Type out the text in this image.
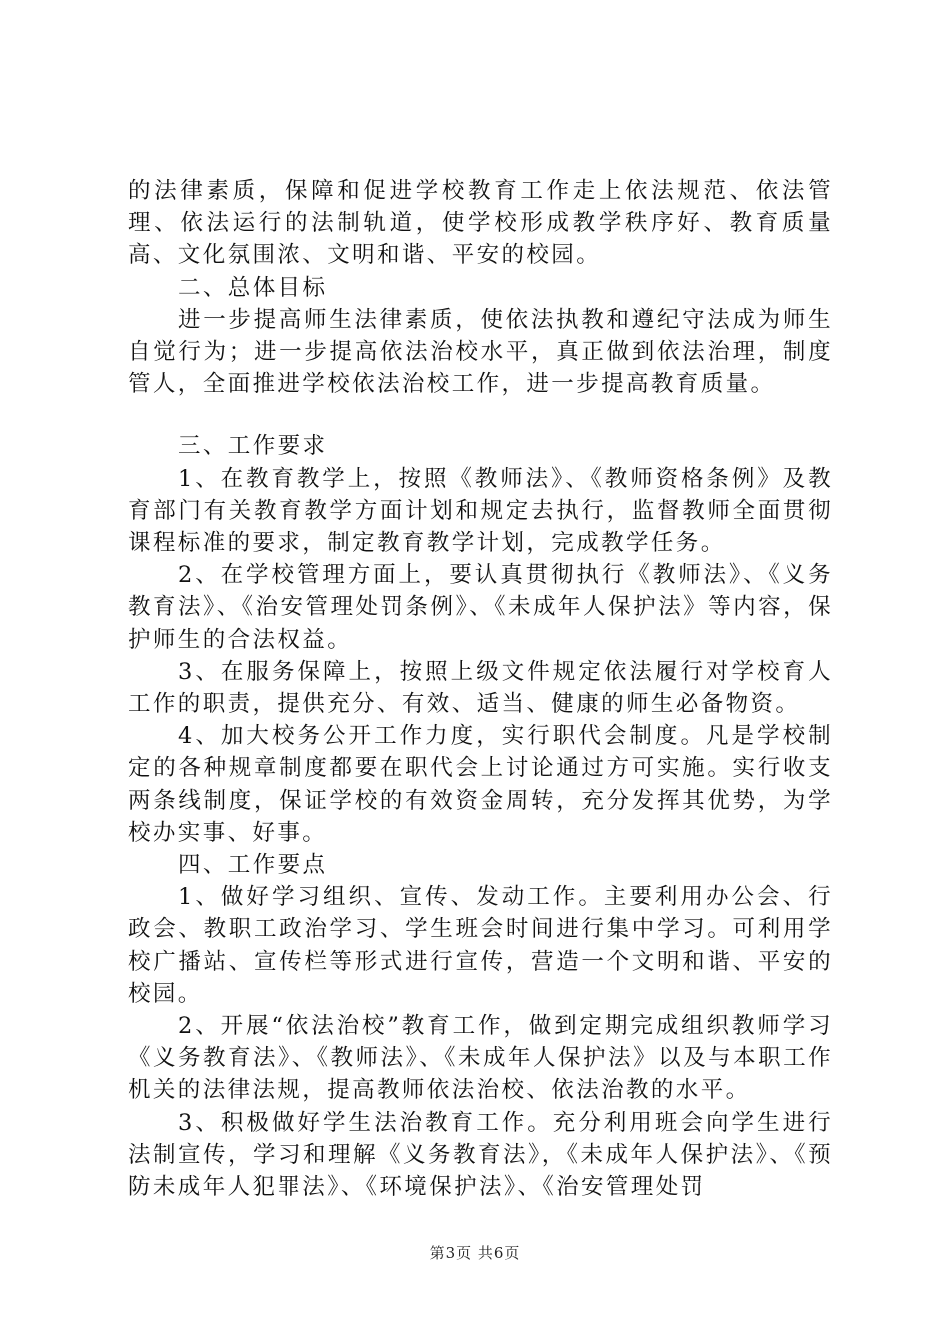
的法律素质，保障和促进学校教育工作走上依法规范、依法管理、依法运行的法制轨道，使学校形成教学秩序好、教育质量高、文化氛围浓、文明和谐、平安的校园。

二、总体目标

进一步提高师生法律素质，使依法执教和遵纪守法成为师生自觉行为；进一步提高依法治校水平，真正做到依法治理，制度管人，全面推进学校依法治校工作，进一步提高教育质量。

三、工作要求

1、在教育教学上，按照《教师法》、《教师资格条例》及教育部门有关教育教学方面计划和规定去执行，监督教师全面贯彻课程标准的要求，制定教育教学计划，完成教学任务。

2、在学校管理方面上，要认真贯彻执行《教师法》、《义务教育法》、《治安管理处罚条例》、《未成年人保护法》等内容，保护师生的合法权益。

3、在服务保障上，按照上级文件规定依法履行对学校育人工作的职责，提供充分、有效、适当、健康的师生必备物资。

4、加大校务公开工作力度，实行职代会制度。凡是学校制定的各种规章制度都要在职代会上讨论通过方可实施。实行收支两条线制度，保证学校的有效资金周转，充分发挥其优势，为学校办实事、好事。

四、工作要点

1、做好学习组织、宣传、发动工作。主要利用办公会、行政会、教职工政治学习、学生班会时间进行集中学习。可利用学校广播站、宣传栏等形式进行宣传，营造一个文明和谐、平安的校园。

2、开展“依法治校”教育工作，做到定期完成组织教师学习《义务教育法》、《教师法》、《未成年人保护法》以及与本职工作机关的法律法规，提高教师依法治校、依法治教的水平。

3、积极做好学生法治教育工作。充分利用班会向学生进行法制宣传，学习和理解《义务教育法》，《未成年人保护法》、《预防未成年人犯罪法》、《环境保护法》、《治安管理处罚

第3页 共6页
